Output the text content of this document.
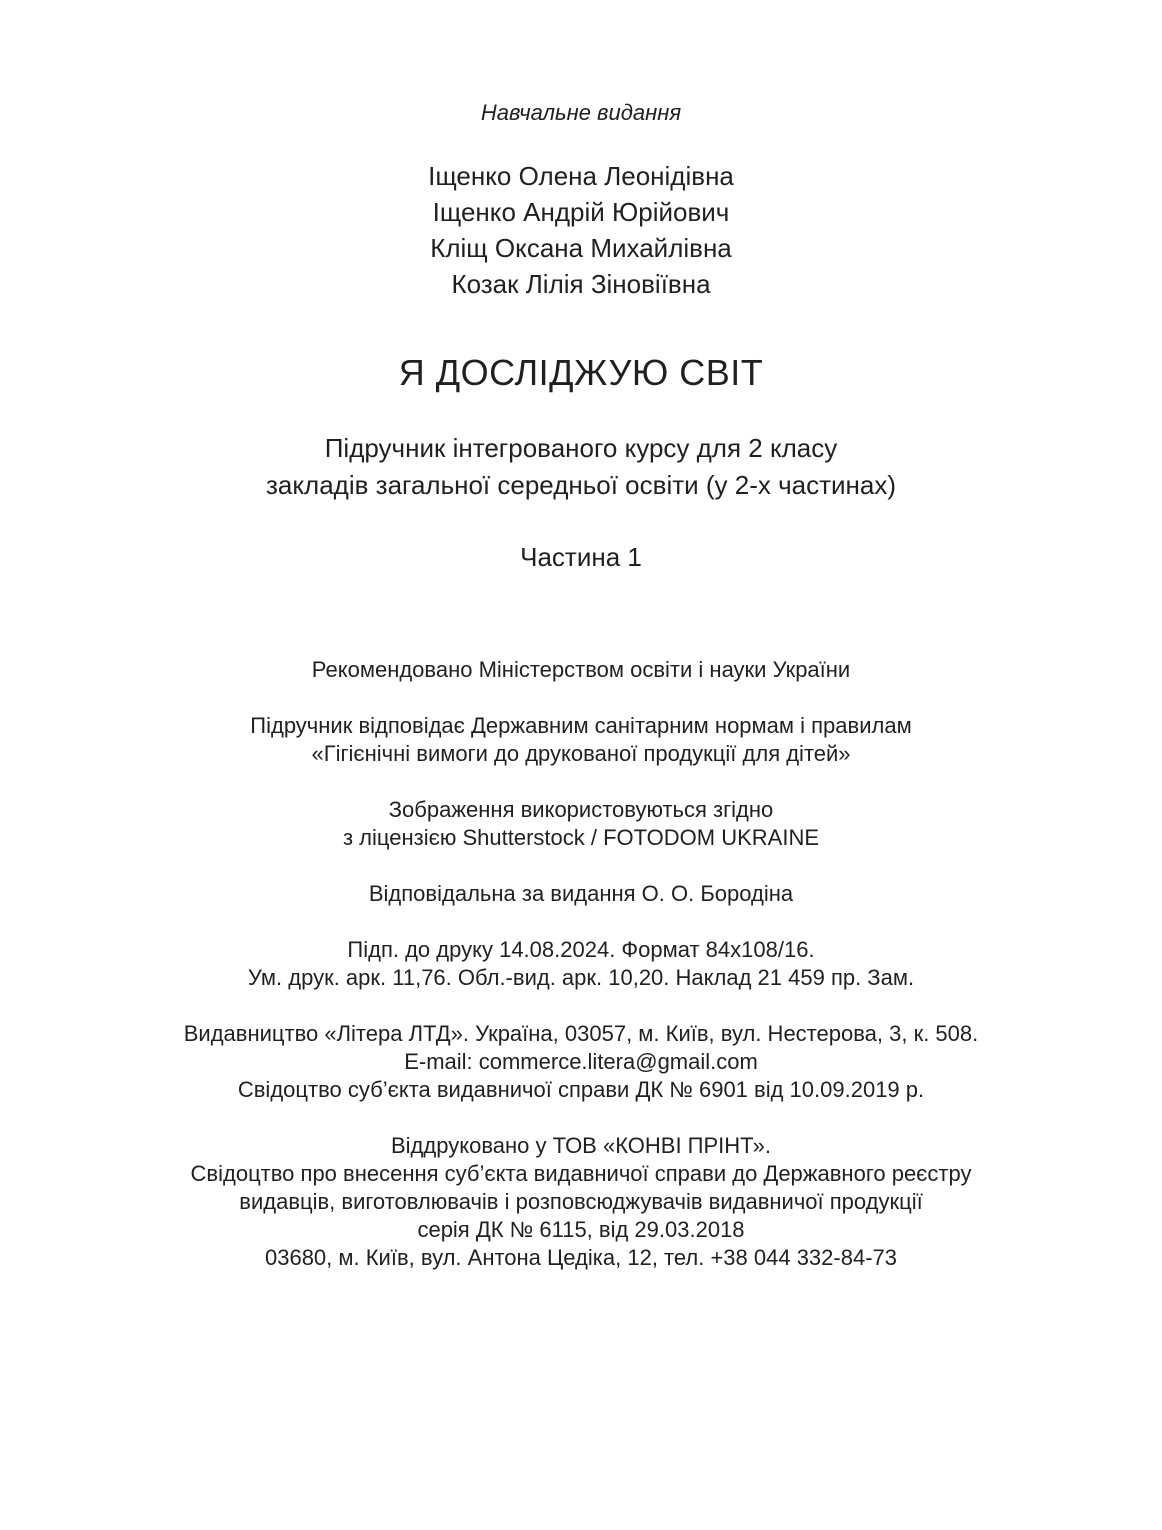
Навчальне видання
Іщенко Олена Леонідівна
Іщенко Андрій Юрійович
Кліщ Оксана Михайлівна
Козак Лілія Зіновіївна
Я ДОСЛІДЖУЮ СВІТ
Підручник інтегрованого курсу для 2 класу
закладів загальної середньої освіти (у 2-х частинах)
Частина 1
Рекомендовано Міністерством освіти і науки України
Підручник відповідає Державним санітарним нормам і правилам
«Гігієнічні вимоги до друкованої продукції для дітей»
Зображення використовуються згідно
з ліцензією Shutterstock / FOTODOM UKRAINE
Відповідальна за видання О. О. Бородіна
Підп. до друку 14.08.2024. Формат 84х108/16.
Ум. друк. арк. 11,76. Обл.-вид. арк. 10,20. Наклад 21 459 пр. Зам.
Видавництво «Літера ЛТД». Україна, 03057, м. Київ, вул. Нестерова, 3, к. 508.
E-mail: commerce.litera@gmail.com
Свідоцтво суб’єкта видавничої справи ДК № 6901 від 10.09.2019 р.
Віддруковано у ТОВ «КОНВІ ПРІНТ».
Свідоцтво про внесення суб’єкта видавничої справи до Державного реєстру
видавців, виготовлювачів і розповсюджувачів видавничої продукції
серія ДК № 6115, від 29.03.2018
03680, м. Київ, вул. Антона Цедіка, 12, тел. +38 044 332-84-73
